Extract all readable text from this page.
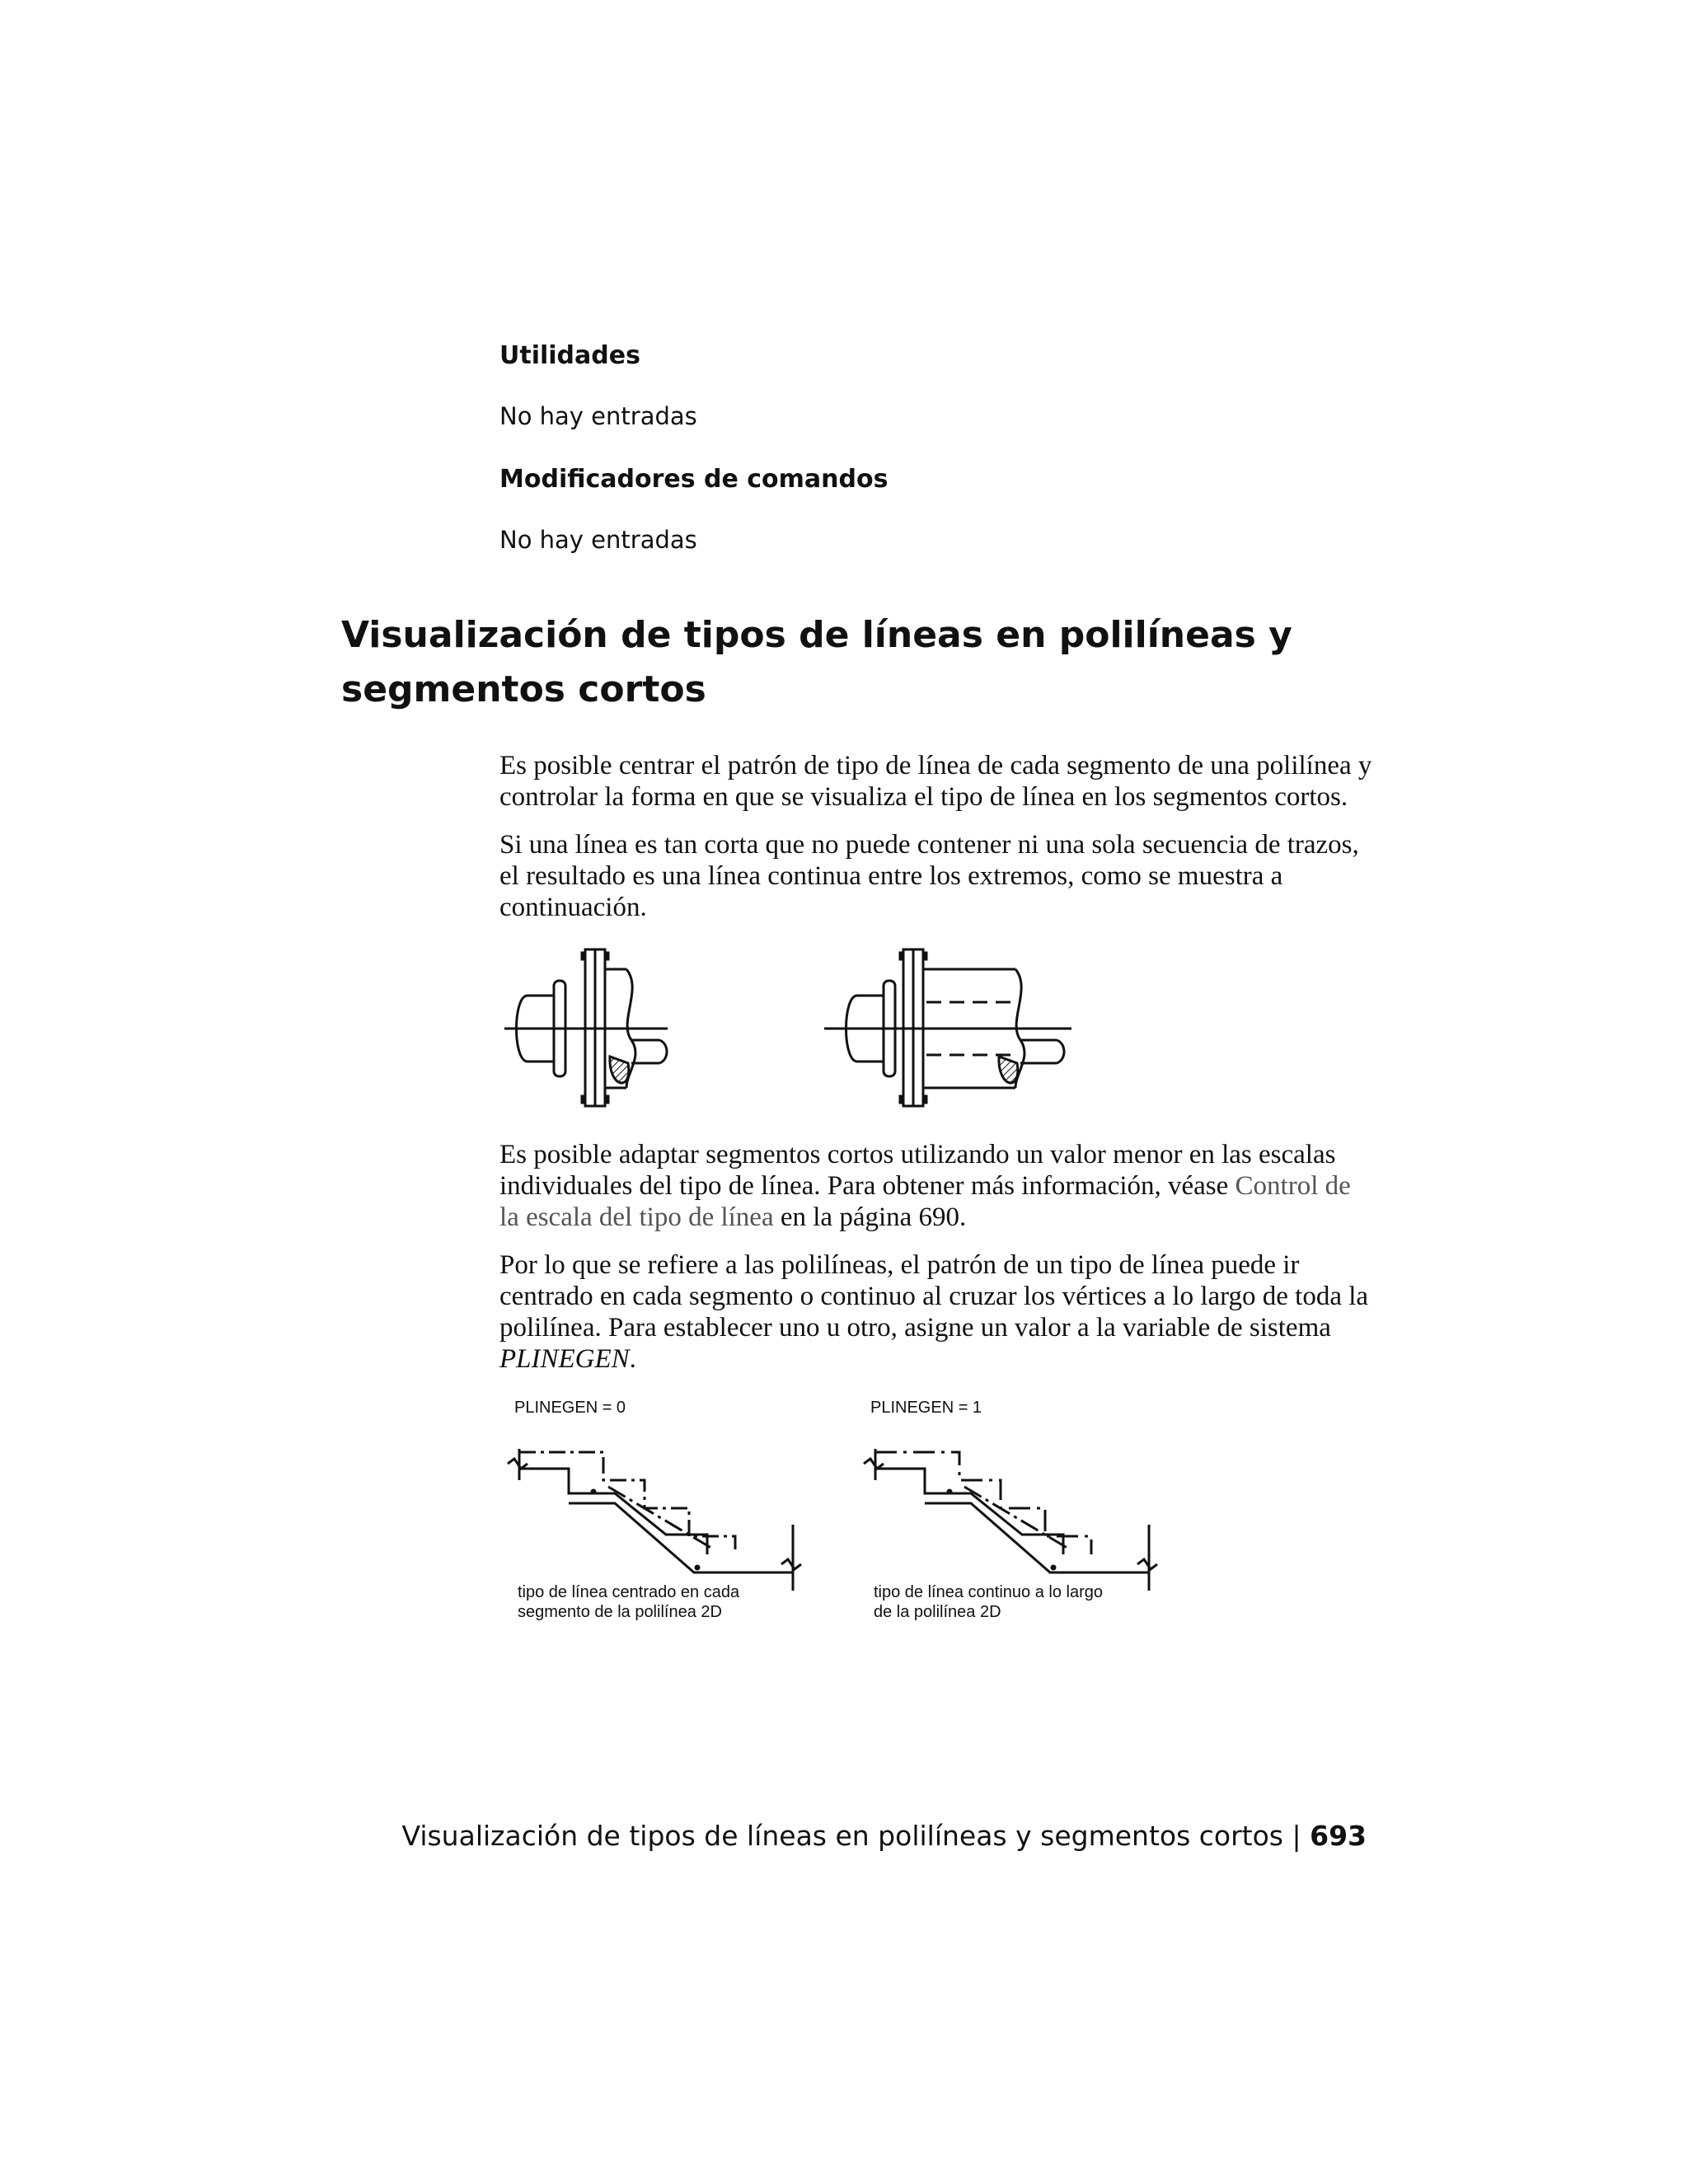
Utilidades
No hay entradas
Modificadores de comandos
No hay entradas
Visualización de tipos de líneas en polilíneas y segmentos cortos
Es posible centrar el patrón de tipo de línea de cada segmento de una polilínea y controlar la forma en que se visualiza el tipo de línea en los segmentos cortos.
Si una línea es tan corta que no puede contener ni una sola secuencia de trazos, el resultado es una línea continua entre los extremos, como se muestra a continuación.
Es posible adaptar segmentos cortos utilizando un valor menor en las escalas individuales del tipo de línea. Para obtener más información, véase Control de la escala del tipo de línea en la página 690.
Por lo que se refiere a las polilíneas, el patrón de un tipo de línea puede ir centrado en cada segmento o continuo al cruzar los vértices a lo largo de toda la polilínea. Para establecer uno u otro, asigne un valor a la variable de sistema PLINEGEN.
PLINEGEN = 0
tipo de línea centrado en cada
segmento de la polilínea 2D
PLINEGEN = 1
tipo de línea continuo a lo largo
de la polilínea 2D
Visualización de tipos de líneas en polilíneas y segmentos cortos | 693
